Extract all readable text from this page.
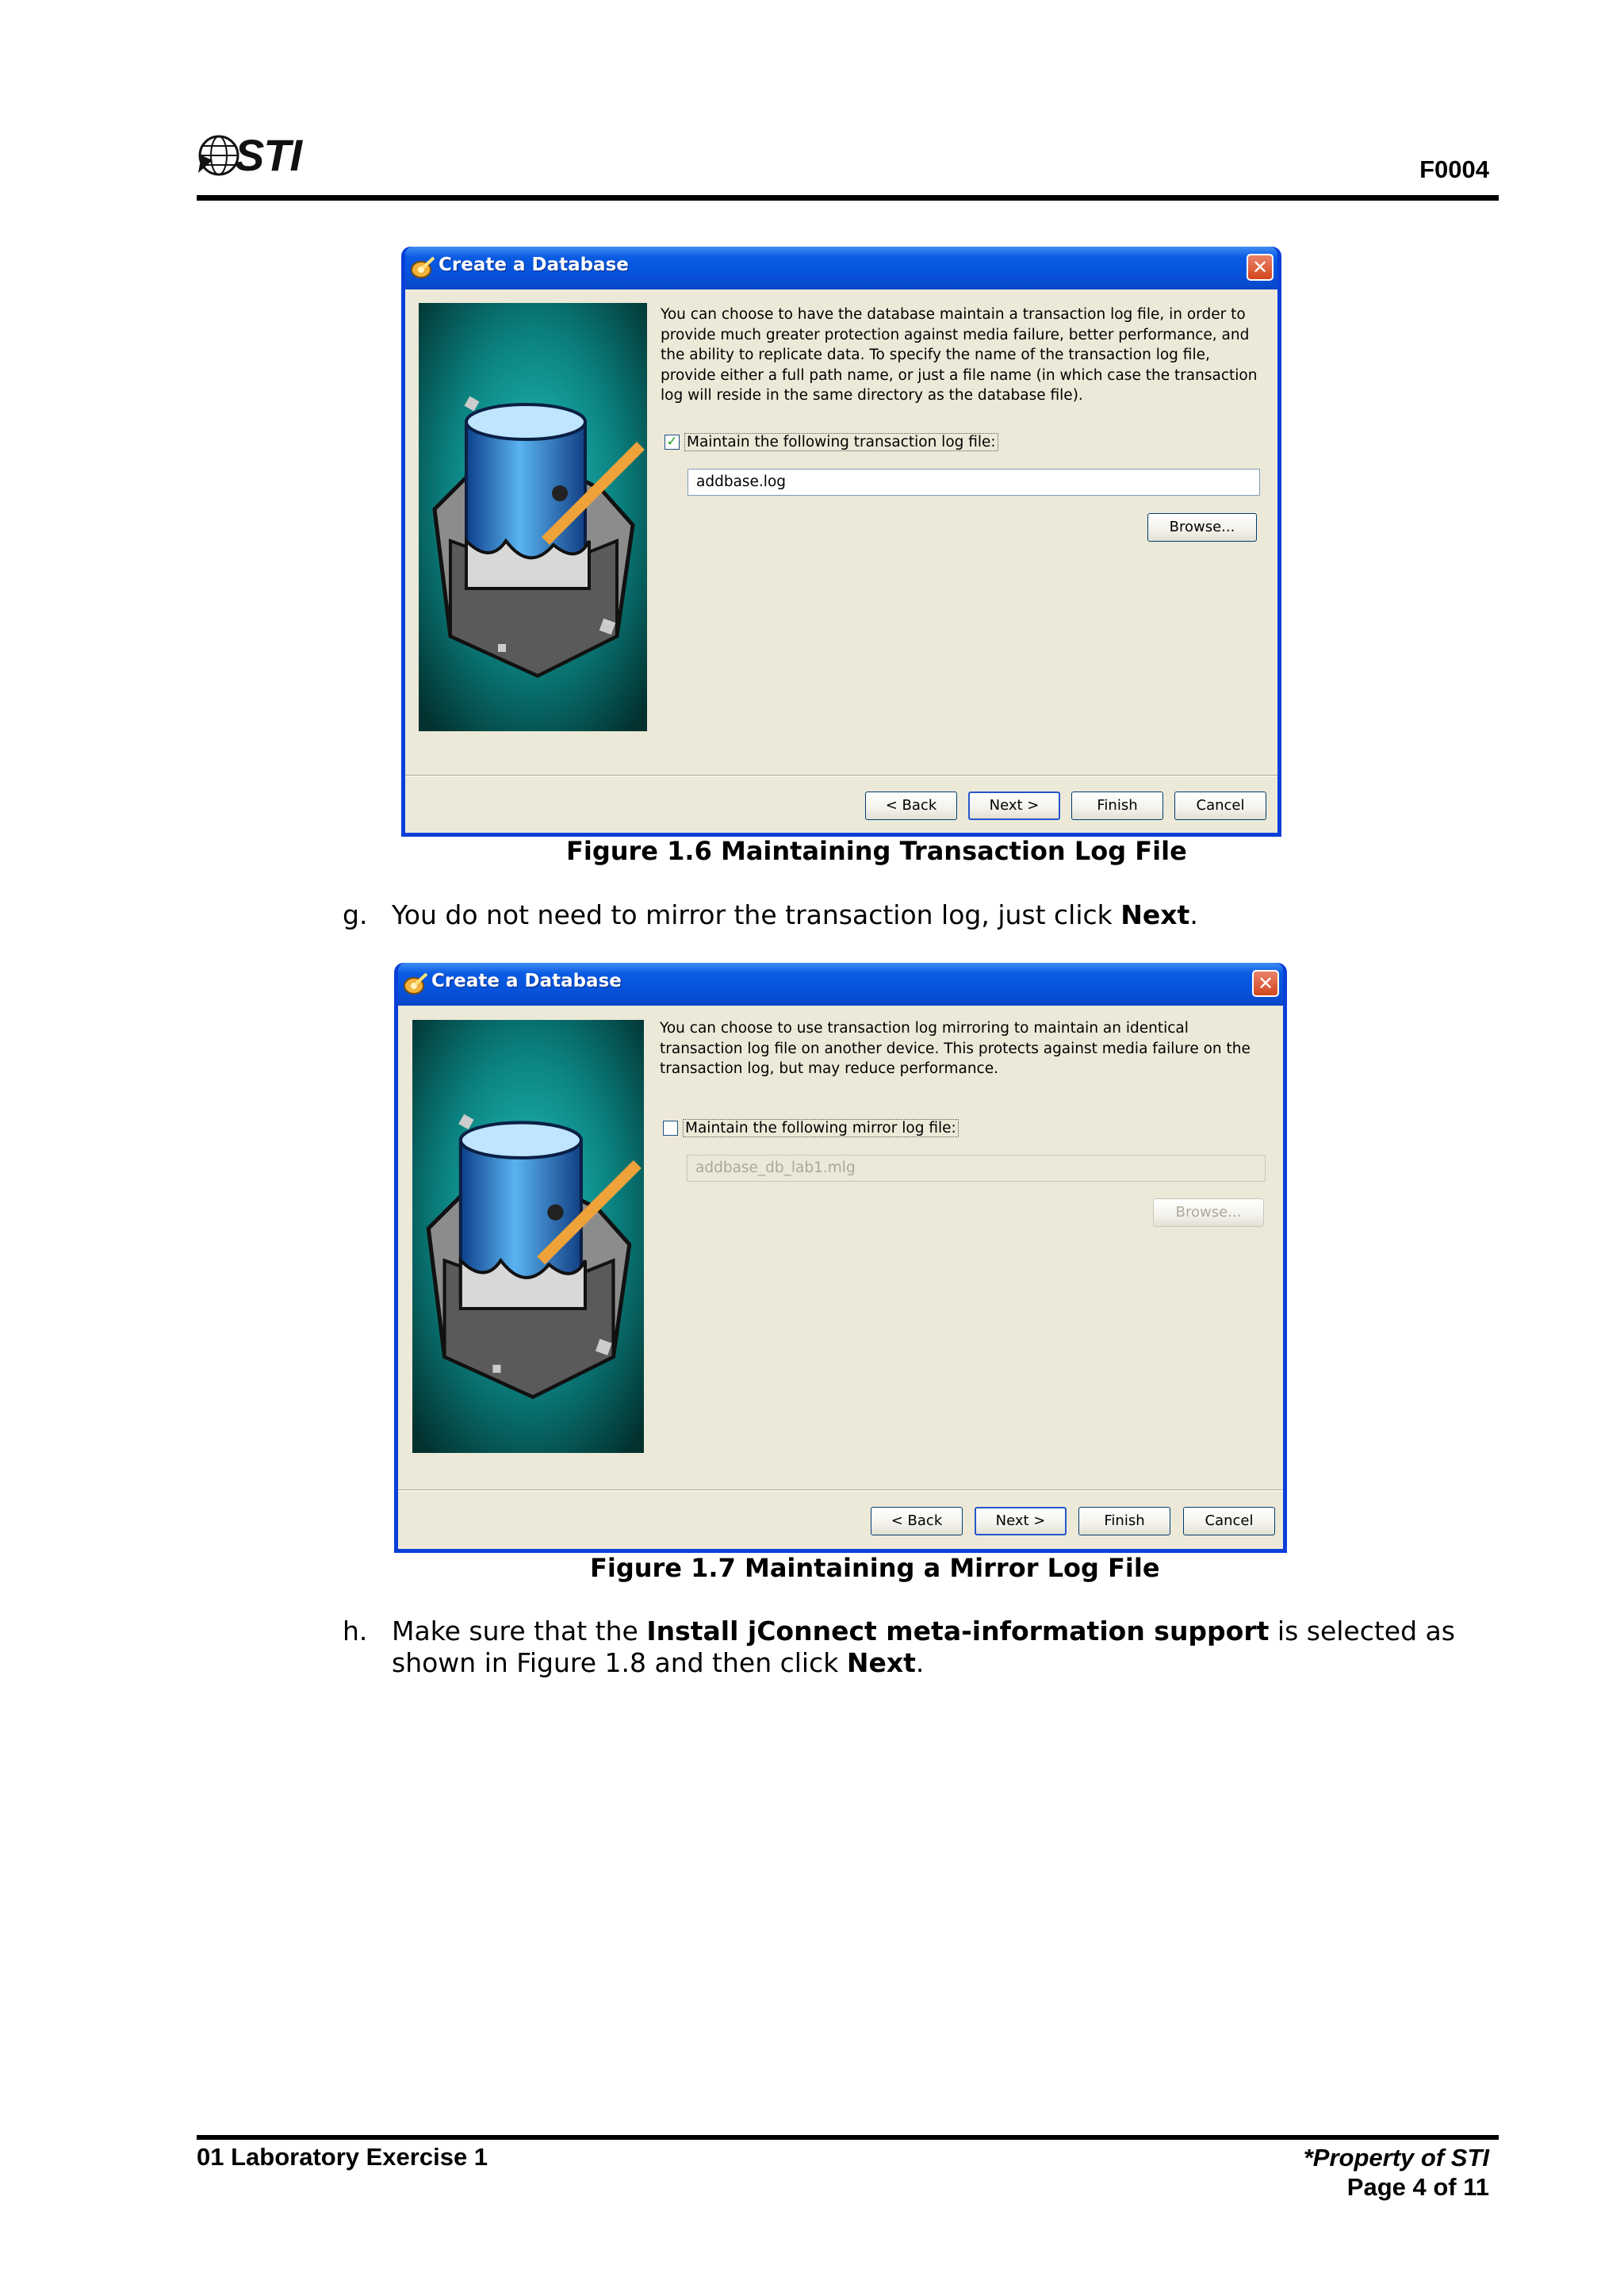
STI	F0004
Create a Database	✕
You can choose to have the database maintain a transaction log file, in order to provide much greater protection against media failure, better performance, and the ability to replicate data. To specify the name of the transaction log file, provide either a full path name, or just a file name (in which case the transaction log will reside in the same directory as the database file).
✓ Maintain the following transaction log file:
addbase.log
Browse...
< Back	Next >	Finish	Cancel
Figure 1.6 Maintaining Transaction Log File
g. You do not need to mirror the transaction log, just click Next.
Create a Database	✕
You can choose to use transaction log mirroring to maintain an identical transaction log file on another device. This protects against media failure on the transaction log, but may reduce performance.
Maintain the following mirror log file:
addbase_db_lab1.mlg
Browse...
< Back	Next >	Finish	Cancel
Figure 1.7 Maintaining a Mirror Log File
h. Make sure that the Install jConnect meta-information support is selected as shown in Figure 1.8 and then click Next.
01 Laboratory Exercise 1	*Property of STI
Page 4 of 11
